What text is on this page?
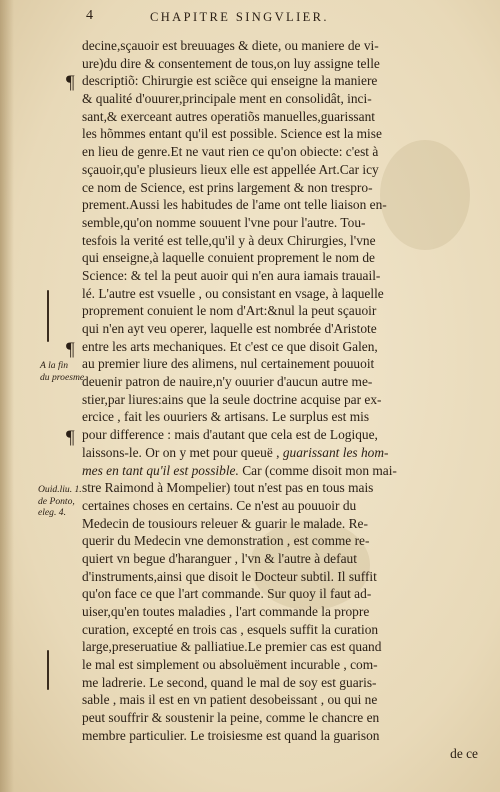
4	CHAPITRE SINGVLIER.
¶
¶
¶
A la fin
du proesme.
Ouid.liu. 1.
de Ponto,
eleg. 4.
decine,sçauoir est breuuages & diete, ou maniere de vi-
ure)du dire & consentement de tous,on luy assigne telle
descriptiõ: Chirurgie est sciẽce qui enseigne la maniere
& qualité d'ouurer,principale ment en consolidât, inci-
sant,& exerceant autres operatiõs manuelles,guarissant
les hõmmes entant qu'il est possible. Science est la mise
en lieu de genre.Et ne vaut rien ce qu'on obiecte: c'est à
sçauoir,qu'e plusieurs lieux elle est appellée Art.Car icy
ce nom de Science, est prins largement & non trespro-
prement.Aussi les habitudes de l'ame ont telle liaison en-
semble,qu'on nomme souuent l'vne pour l'autre. Tou-
tesfois la verité est telle,qu'il y à deux Chirurgies, l'vne
qui enseigne,à laquelle conuient proprement le nom de
Science: & tel la peut auoir qui n'en aura iamais trauail-
lé. L'autre est vsuelle , ou consistant en vsage, à laquelle
proprement conuient le nom d'Art:&nul la peut sçauoir
qui n'en ayt veu operer, laquelle est nombrée d'Aristote
entre les arts mechaniques. Et c'est ce que disoit Galen,
au premier liure des alimens, nul certainement pouuoit
deuenir patron de nauire,n'y ouurier d'aucun autre me-
stier,par liures:ains que la seule doctrine acquise par ex-
ercice , fait les ouuriers & artisans. Le surplus est mis
pour difference : mais d'autant que cela est de Logique,
laissons-le. Or on y met pour queuë , guarissant les hom-
mes en tant qu'il est possible. Car (comme disoit mon mai-
stre Raimond à Mompelier) tout n'est pas en tous mais
certaines choses en certains. Ce n'est au pouuoir du
Medecin de tousiours releuer & guarir le malade. Re-
querir du Medecin vne demonstration , est comme re-
quiert vn begue d'haranguer , l'vn & l'autre à defaut
d'instruments,ainsi que disoit le Docteur subtil. Il suffit
qu'on face ce que l'art commande. Sur quoy il faut ad-
uiser,qu'en toutes maladies , l'art commande la propre
curation, excepté en trois cas , esquels suffit la curation
large,preseruatiue & palliatiue.Le premier cas est quand
le mal est simplement ou absoluëment incurable , com-
me ladrerie. Le second, quand le mal de soy est guaris-
sable , mais il est en vn patient desobeissant , ou qui ne
peut souffrir & soustenir la peine, comme le chancre en
membre particulier. Le troisiesme est quand la guarison
de ce
